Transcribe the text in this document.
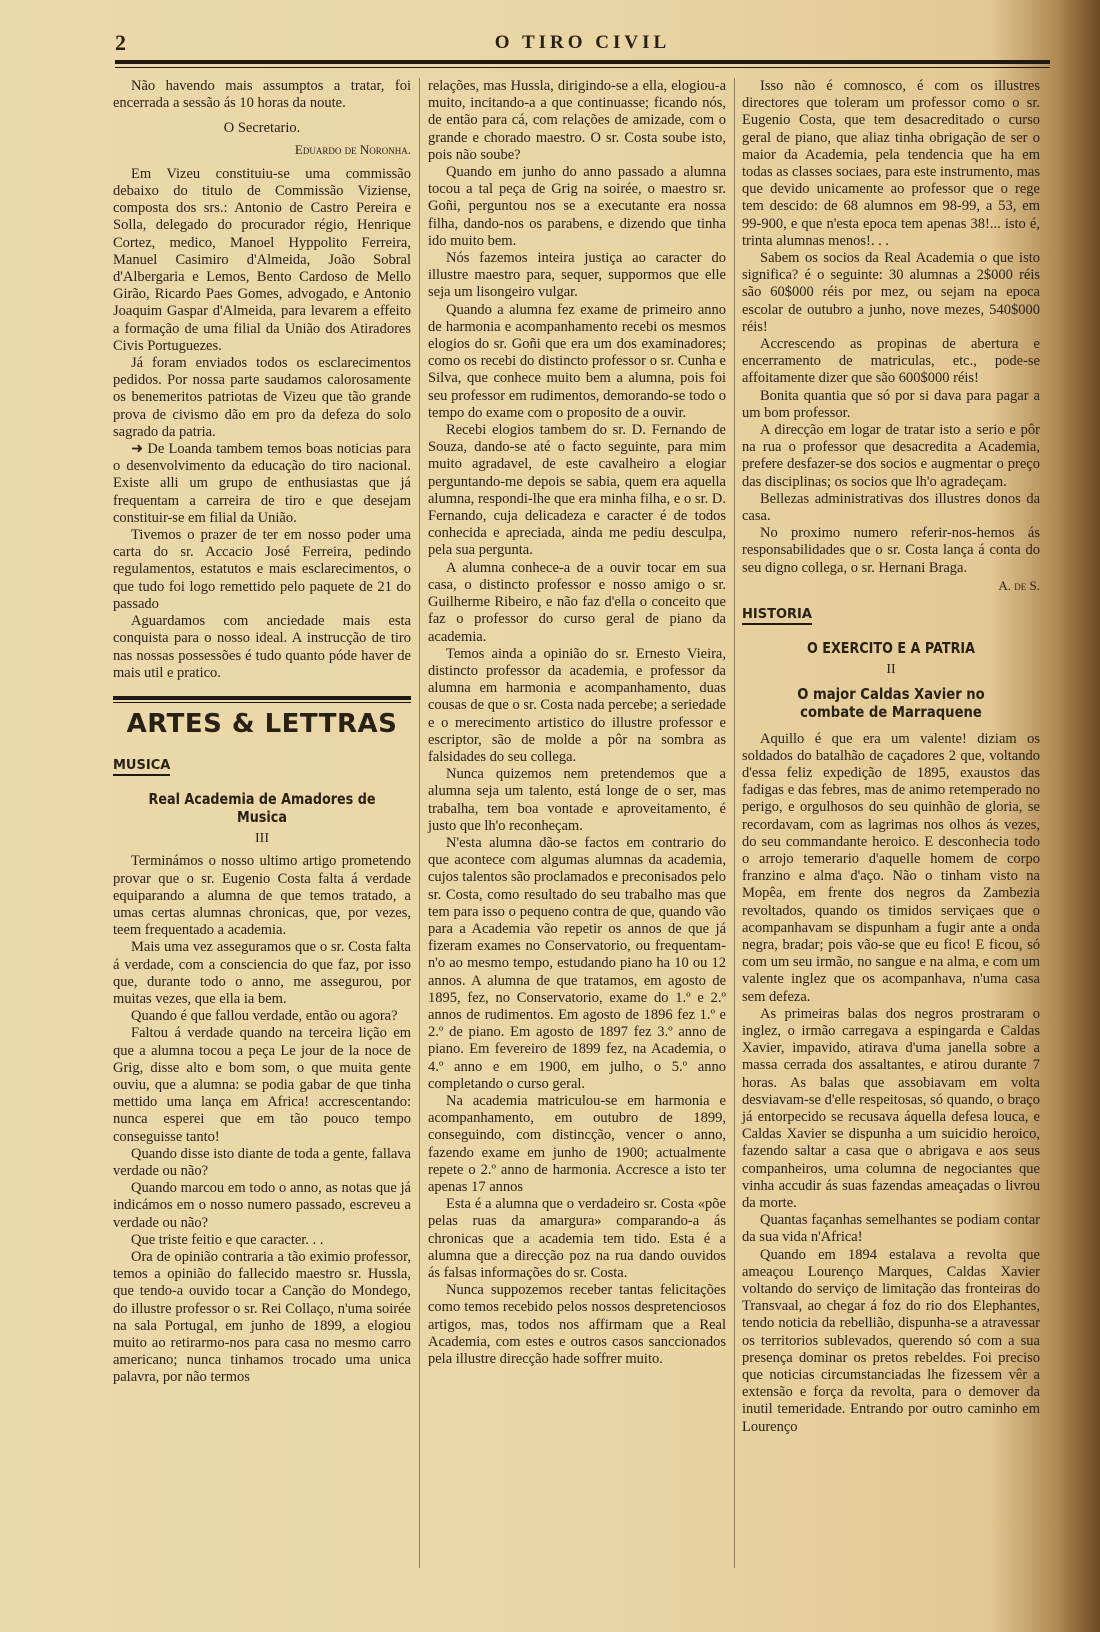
2	O TIRO CIVIL

Não havendo mais assumptos a tratar, foi encerrada a sessão ás 10 horas da noute.

O Secretario.

Eduardo de Noronha.

Em Vizeu constituiu-se uma commissão debaixo do titulo de Commissão Viziense, composta dos srs.: Antonio de Castro Pereira e Solla, delegado do procurador régio, Henrique Cortez, medico, Manoel Hyppolito Ferreira, Manuel Casimiro d'Almeida, João Sobral d'Albergaria e Lemos, Bento Cardoso de Mello Girão, Ricardo Paes Gomes, advogado, e Antonio Joaquim Gaspar d'Almeida, para levarem a effeito a formação de uma filial da União dos Atiradores Civis Portuguezes.

Já foram enviados todos os esclarecimentos pedidos. Por nossa parte saudamos calorosamente os benemeritos patriotas de Vizeu que tão grande prova de civismo dão em pro da defeza do solo sagrado da patria.

➜ De Loanda tambem temos boas noticias para o desenvolvimento da educação do tiro nacional. Existe alli um grupo de enthusiastas que já frequentam a carreira de tiro e que desejam constituir-se em filial da União.

Tivemos o prazer de ter em nosso poder uma carta do sr. Accacio José Ferreira, pedindo regulamentos, estatutos e mais esclarecimentos, o que tudo foi logo remettido pelo paquete de 21 do passado

Aguardamos com anciedade mais esta conquista para o nosso ideal. A instrucção de tiro nas nossas possessões é tudo quanto póde haver de mais util e pratico.

ARTES & LETTRAS
MUSICA
Real Academia de Amadores de Musica
III

Terminámos o nosso ultimo artigo prometendo provar que o sr. Eugenio Costa falta á verdade equiparando a alumna de que temos tratado, a umas certas alumnas chronicas, que, por vezes, teem frequentado a academia.

Mais uma vez asseguramos que o sr. Costa falta á verdade, com a consciencia do que faz, por isso que, durante todo o anno, me assegurou, por muitas vezes, que ella ia bem.

Quando é que fallou verdade, então ou agora?

Faltou á verdade quando na terceira lição em que a alumna tocou a peça Le jour de la noce de Grig, disse alto e bom som, o que muita gente ouviu, que a alumna: se podia gabar de que tinha mettido uma lança em Africa! accrescentando: nunca esperei que em tão pouco tempo conseguisse tanto!

Quando disse isto diante de toda a gente, fallava verdade ou não?

Quando marcou em todo o anno, as notas que já indicámos em o nosso numero passado, escreveu a verdade ou não?

Que triste feitio e que caracter. . .

Ora de opinião contraria a tão eximio professor, temos a opinião do fallecido maestro sr. Hussla, que tendo-a ouvido tocar a Canção do Mondego, do illustre professor o sr. Rei Collaço, n'uma soirée na sala Portugal, em junho de 1899, a elogiou muito ao retirarmo-nos para casa no mesmo carro americano; nunca tinhamos trocado uma unica palavra, por não termos

relações, mas Hussla, dirigindo-se a ella, elogiou-a muito, incitando-a a que continuasse; ficando nós, de então para cá, com relações de amizade, com o grande e chorado maestro. O sr. Costa soube isto, pois não soube?

Quando em junho do anno passado a alumna tocou a tal peça de Grig na soirée, o maestro sr. Goñi, perguntou nos se a executante era nossa filha, dando-nos os parabens, e dizendo que tinha ido muito bem.

Nós fazemos inteira justiça ao caracter do illustre maestro para, sequer, suppormos que elle seja um lisongeiro vulgar.

Quando a alumna fez exame de primeiro anno de harmonia e acompanhamento recebi os mesmos elogios do sr. Goñi que era um dos examinadores; como os recebi do distincto professor o sr. Cunha e Silva, que conhece muito bem a alumna, pois foi seu professor em rudimentos, demorando-se todo o tempo do exame com o proposito de a ouvir.

Recebi elogios tambem do sr. D. Fernando de Souza, dando-se até o facto seguinte, para mim muito agradavel, de este cavalheiro a elogiar perguntando-me depois se sabia, quem era aquella alumna, respondi-lhe que era minha filha, e o sr. D. Fernando, cuja delicadeza e caracter é de todos conhecida e apreciada, ainda me pediu desculpa, pela sua pergunta.

A alumna conhece-a de a ouvir tocar em sua casa, o distincto professor e nosso amigo o sr. Guilherme Ribeiro, e não faz d'ella o conceito que faz o professor do curso geral de piano da academia.

Temos ainda a opinião do sr. Ernesto Vieira, distincto professor da academia, e professor da alumna em harmonia e acompanhamento, duas cousas de que o sr. Costa nada percebe; a seriedade e o merecimento artistico do illustre professor e escriptor, são de molde a pôr na sombra as falsidades do seu collega.

Nunca quizemos nem pretendemos que a alumna seja um talento, está longe de o ser, mas trabalha, tem boa vontade e aproveitamento, é justo que lh'o reconheçam.

N'esta alumna dão-se factos em contrario do que acontece com algumas alumnas da academia, cujos talentos são proclamados e preconisados pelo sr. Costa, como resultado do seu trabalho mas que tem para isso o pequeno contra de que, quando vão para a Academia vão repetir os annos de que já fizeram exames no Conservatorio, ou frequentam-n'o ao mesmo tempo, estudando piano ha 10 ou 12 annos. A alumna de que tratamos, em agosto de 1895, fez, no Conservatorio, exame do 1.º e 2.º annos de rudimentos. Em agosto de 1896 fez 1.º e 2.º de piano. Em agosto de 1897 fez 3.º anno de piano. Em fevereiro de 1899 fez, na Academia, o 4.º anno e em 1900, em julho, o 5.º anno completando o curso geral.

Na academia matriculou-se em harmonia e acompanhamento, em outubro de 1899, conseguindo, com distincção, vencer o anno, fazendo exame em junho de 1900; actualmente repete o 2.º anno de harmonia. Accresce a isto ter apenas 17 annos

Esta é a alumna que o verdadeiro sr. Costa «põe pelas ruas da amargura» comparando-a ás chronicas que a academia tem tido. Esta é a alumna que a direcção poz na rua dando ouvidos ás falsas informações do sr. Costa.

Nunca suppozemos receber tantas felicitações como temos recebido pelos nossos despretenciosos artigos, mas, todos nos affirmam que a Real Academia, com estes e outros casos sanccionados pela illustre direcção hade soffrer muito.

Isso não é comnosco, é com os illustres directores que toleram um professor como o sr. Eugenio Costa, que tem desacreditado o curso geral de piano, que aliaz tinha obrigação de ser o maior da Academia, pela tendencia que ha em todas as classes sociaes, para este instrumento, mas que devido unicamente ao professor que o rege tem descido: de 68 alumnos em 98-99, a 53, em 99-900, e que n'esta epoca tem apenas 38!... isto é, trinta alumnas menos!. . .

Sabem os socios da Real Academia o que isto significa? é o seguinte: 30 alumnas a 2$000 réis são 60$000 réis por mez, ou sejam na epoca escolar de outubro a junho, nove mezes, 540$000 réis!

Accrescendo as propinas de abertura e encerramento de matriculas, etc., pode-se affoitamente dizer que são 600$000 réis!

Bonita quantia que só por si dava para pagar a um bom professor.

A direcção em logar de tratar isto a serio e pôr na rua o professor que desacredita a Academia, prefere desfazer-se dos socios e augmentar o preço das disciplinas; os socios que lh'o agradeçam.

Bellezas administrativas dos illustres donos da casa.

No proximo numero referir-nos-hemos ás responsabilidades que o sr. Costa lança á conta do seu digno collega, o sr. Hernani Braga.

A. de S.

HISTORIA
O EXERCITO E A PATRIA
II
O major Caldas Xavier no combate de Marraquene

Aquillo é que era um valente! diziam os soldados do batalhão de caçadores 2 que, voltando d'essa feliz expedição de 1895, exaustos das fadigas e das febres, mas de animo retemperado no perigo, e orgulhosos do seu quinhão de gloria, se recordavam, com as lagrimas nos olhos ás vezes, do seu commandante heroico. E desconhecia todo o arrojo temerario d'aquelle homem de corpo franzino e alma d'aço. Não o tinham visto na Mopêa, em frente dos negros da Zambezia revoltados, quando os timidos serviçaes que o acompanhavam se dispunham a fugir ante a onda negra, bradar; pois vão-se que eu fico! E ficou, só com um seu irmão, no sangue e na alma, e com um valente inglez que os acompanhava, n'uma casa sem defeza.

As primeiras balas dos negros prostraram o inglez, o irmão carregava a espingarda e Caldas Xavier, impavido, atirava d'uma janella sobre a massa cerrada dos assaltantes, e atirou durante 7 horas. As balas que assobiavam em volta desviavam-se d'elle respeitosas, só quando, o braço já entorpecido se recusava áquella defesa louca, e Caldas Xavier se dispunha a um suicidio heroico, fazendo saltar a casa que o abrigava e aos seus companheiros, uma columna de negociantes que vinha accudir ás suas fazendas ameaçadas o livrou da morte.

Quantas façanhas semelhantes se podiam contar da sua vida n'Africa!

Quando em 1894 estalava a revolta que ameaçou Lourenço Marques, Caldas Xavier voltando do serviço de limitação das fronteiras do Transvaal, ao chegar á foz do rio dos Elephantes, tendo noticia da rebellião, dispunha-se a atravessar os territorios sublevados, querendo só com a sua presença dominar os pretos rebeldes. Foi preciso que noticias circumstanciadas lhe fizessem vêr a extensão e força da revolta, para o demover da inutil temeridade. Entrando por outro caminho em Lourenço
